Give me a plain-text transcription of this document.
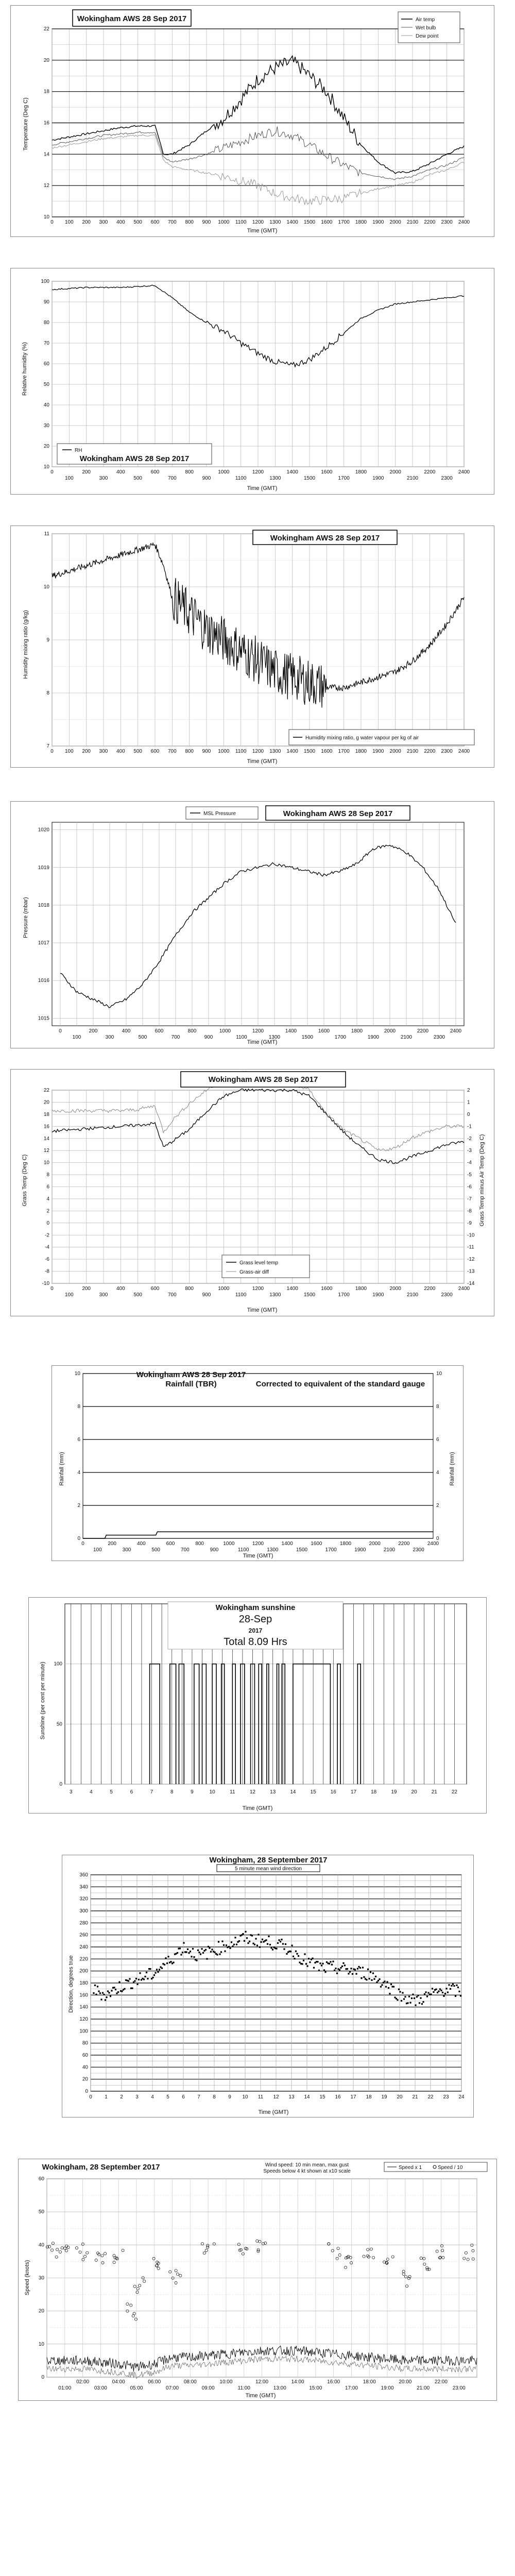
Wokingham AWS 28 Sep 2017
10
12
14
16
18
20
22
0 100 200 300 400 500 600 700 800 900 1000 1100 1200 1300 1400 1500 1600 1700 1800 1900 2000 2100 2200 2300 2400
Air temp
Wet bulb
Dew point
Temperature (Deg C)
Time (GMT)
10
20
30
40
50
60
70
80
90
100
0	200	400	600	800	1000	1200	1400	1600	1800	2000	2200	2400
100	300	500	700	900	1100	1300	1500	1700	1900	2100	2300
RH
Wokingham AWS 28 Sep 2017
Relative humidity (%)
Time (GMT)
7
8
9
10
11
0 100 200 300 400 500 600 700 800 900 1000 1100 1200 1300 1400 1500 1600 1700 1800 1900 2000 2100 2200 2300 2400
Wokingham AWS 28 Sep 2017
Humidity mixing ratio, g water vapour per kg of air
Humidity mixing ratio (g/kg)
Time (GMT)
1015
1016
1017
1018
1019
1020
0	200	400	600	800	1000	1200	1400	1600	1800	2000	2200	2400
100	300	500	700	900	1100	1300	1500	1700	1900	2100	2300
MSL Pressure	Wokingham AWS 28 Sep 2017
Pressure (mbar)
Time (GMT)
-10
-8
-6
-4
-2
0
2
4
6
8
10
12
14
16
18
20
22
-14
-13
-12
-11
-10
-9
-8
-7
-6
-5
-4
-3
-2
-1
0
1
2
0	200	400	600	800	1000	1200	1400	1600	1800	2000	2200	2400
100	300	500	700	900	1100	1300	1500	1700	1900	2100	2300
Wokingham AWS 28 Sep 2017
Grass level temp
Grass-air diff
Grass Temp (Deg C)	Grass Temp minus Air Temp (Deg C)
Time (GMT)
0
2
4
6
8
10
0
2
4
6
8
10
0	200	400	600	800	1000	1200	1400	1600	1800	2000	2200	2400
100	300	500	700	900	1100	1300	1500	1700	1900	2100	2300
Wokingham AWS 28 Sep 2017
Rainfall (TBR)	Corrected to equivalent of the standard gauge
Rainfall (mm)	Rainfall (mm)
Time (GMT)
0
50
100
3	4	5	6	7	8	9	10	11	12	13	14	15	16	17	18	19	20	21	22
Wokingham sunshine
28-Sep
2017
Total 8.09 Hrs
Sunshine (per cent per minute)
Time (GMT)
0
20
40
60
80
100
120
140
160
180
200
220
240
260
280
300
320
340
360
0 1 2 3 4 5 6 7 8 9 10 11 12 13 14 15 16 17 18 19 20 21 22 23 24
Wokingham, 28 September 2017
5 minute mean wind direction
Direction, degrees true
Time (GMT)
0
10
20
30
40
50
60
02:00	04:00	06:00	08:00	10:00	12:00	14:00	16:00	18:00	20:00	22:00
01:00	03:00	05:00	07:00	09:00	11:00	13:00	15:00	17:00	19:00	21:00	23:00
Wokingham, 28 September 2017	Wind speed: 10 min mean, max gust
Speeds below 4 kt shown at x10 scale
Speed x 1	Speed / 10
Speed (knots)
Time (GMT)
